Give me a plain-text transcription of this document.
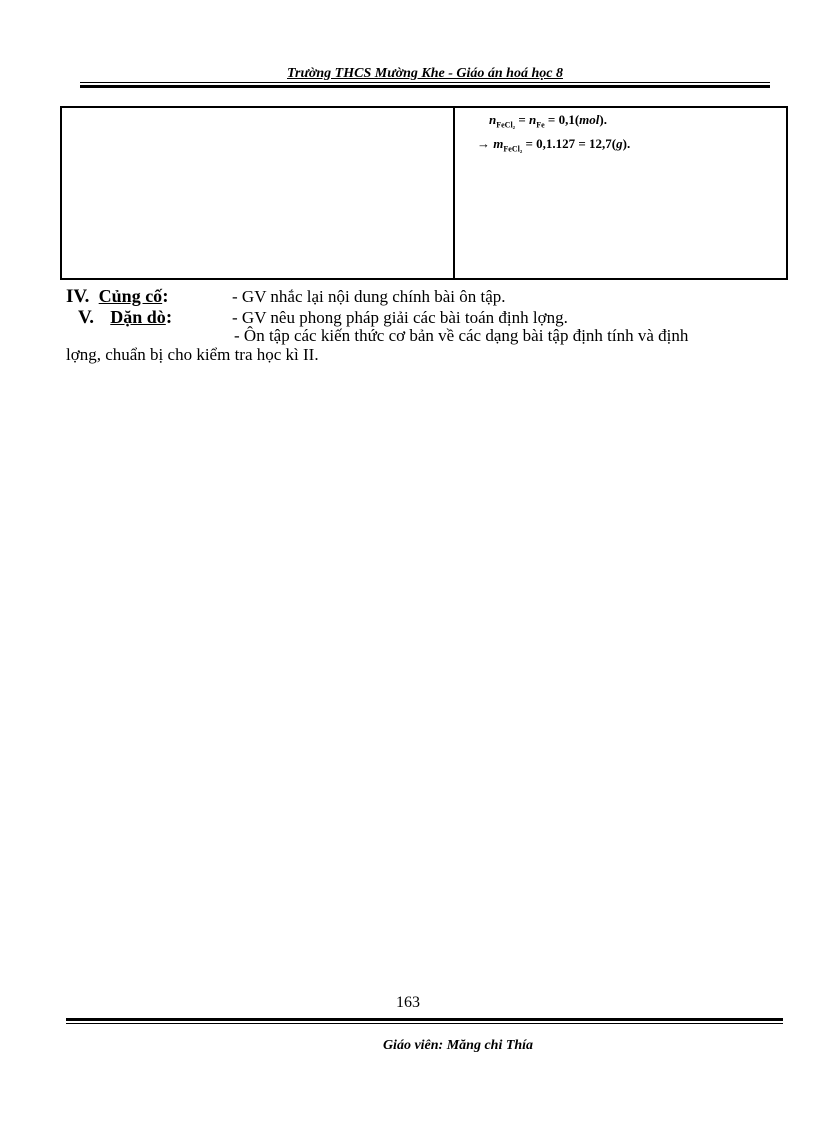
Trường THCS Mường Khe - Giáo án hoá học 8
$n_{FeCl_2} = n_{Fe} = 0,1(mol)$.
→ $m_{FeCl_2} = 0,1.127 = 12,7(g)$.
IV. Củng cố:	- GV nhắc lại nội dung chính bài ôn tập.
V. Dặn dò:	- GV nêu phong pháp giải các bài toán định lợng.
- Ôn tập các kiến thức cơ bản về các dạng bài tập định tính và định
lợng, chuẩn bị cho kiểm tra học kì II.
163
Giáo viên: Măng chi Thía
